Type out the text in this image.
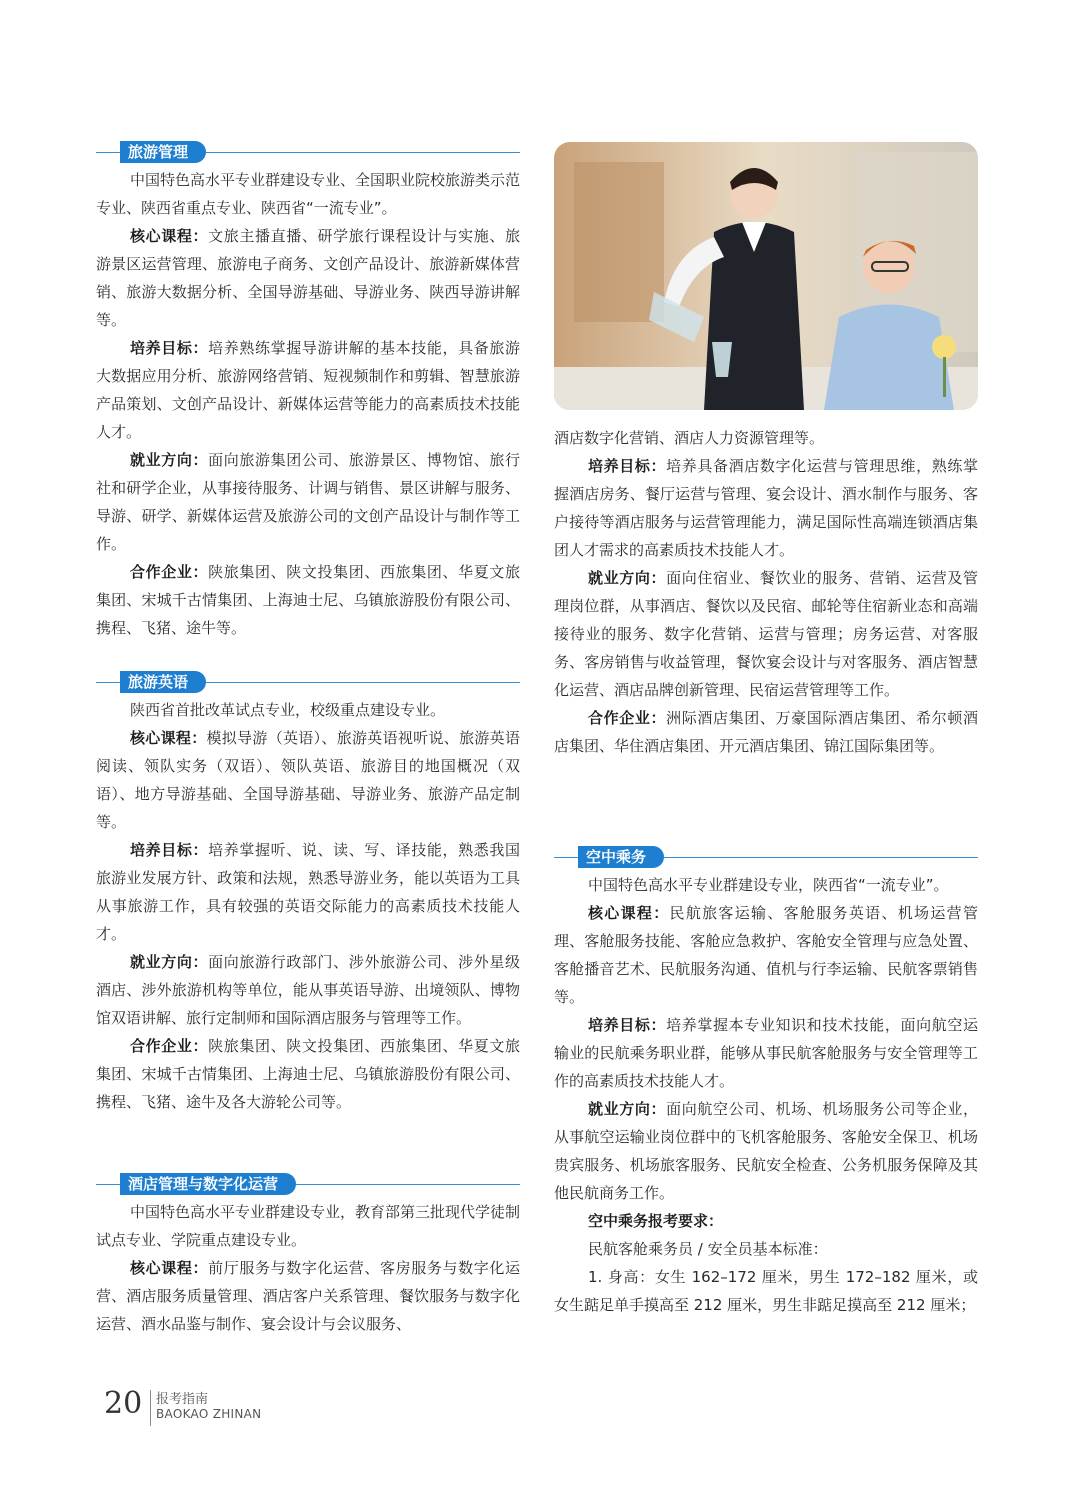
旅游管理

中国特色高水平专业群建设专业、全国职业院校旅游类示范专业、陕西省重点专业、陕西省“一流专业”。

核心课程：文旅主播直播、研学旅行课程设计与实施、旅游景区运营管理、旅游电子商务、文创产品设计、旅游新媒体营销、旅游大数据分析、全国导游基础、导游业务、陕西导游讲解等。

培养目标：培养熟练掌握导游讲解的基本技能，具备旅游大数据应用分析、旅游网络营销、短视频制作和剪辑、智慧旅游产品策划、文创产品设计、新媒体运营等能力的高素质技术技能人才。

就业方向：面向旅游集团公司、旅游景区、博物馆、旅行社和研学企业，从事接待服务、计调与销售、景区讲解与服务、导游、研学、新媒体运营及旅游公司的文创产品设计与制作等工作。

合作企业：陕旅集团、陕文投集团、西旅集团、华夏文旅集团、宋城千古情集团、上海迪士尼、乌镇旅游股份有限公司、携程、飞猪、途牛等。

旅游英语

陕西省首批改革试点专业，校级重点建设专业。

核心课程：模拟导游（英语）、旅游英语视听说、旅游英语阅读、领队实务（双语）、领队英语、旅游目的地国概况（双语）、地方导游基础、全国导游基础、导游业务、旅游产品定制等。

培养目标：培养掌握听、说、读、写、译技能，熟悉我国旅游业发展方针、政策和法规，熟悉导游业务，能以英语为工具从事旅游工作，具有较强的英语交际能力的高素质技术技能人才。

就业方向：面向旅游行政部门、涉外旅游公司、涉外星级酒店、涉外旅游机构等单位，能从事英语导游、出境领队、博物馆双语讲解、旅行定制师和国际酒店服务与管理等工作。

合作企业：陕旅集团、陕文投集团、西旅集团、华夏文旅集团、宋城千古情集团、上海迪士尼、乌镇旅游股份有限公司、携程、飞猪、途牛及各大游轮公司等。

酒店管理与数字化运营

中国特色高水平专业群建设专业，教育部第三批现代学徒制试点专业、学院重点建设专业。

核心课程：前厅服务与数字化运营、客房服务与数字化运营、酒店服务质量管理、酒店客户关系管理、餐饮服务与数字化运营、酒水品鉴与制作、宴会设计与会议服务、

酒店数字化营销、酒店人力资源管理等。

培养目标：培养具备酒店数字化运营与管理思维，熟练掌握酒店房务、餐厅运营与管理、宴会设计、酒水制作与服务、客户接待等酒店服务与运营管理能力，满足国际性高端连锁酒店集团人才需求的高素质技术技能人才。

就业方向：面向住宿业、餐饮业的服务、营销、运营及管理岗位群，从事酒店、餐饮以及民宿、邮轮等住宿新业态和高端接待业的服务、数字化营销、运营与管理；房务运营、对客服务、客房销售与收益管理，餐饮宴会设计与对客服务、酒店智慧化运营、酒店品牌创新管理、民宿运营管理等工作。

合作企业：洲际酒店集团、万豪国际酒店集团、希尔顿酒店集团、华住酒店集团、开元酒店集团、锦江国际集团等。

空中乘务

中国特色高水平专业群建设专业，陕西省“一流专业”。

核心课程：民航旅客运输、客舱服务英语、机场运营管理、客舱服务技能、客舱应急救护、客舱安全管理与应急处置、客舱播音艺术、民航服务沟通、值机与行李运输、民航客票销售等。

培养目标：培养掌握本专业知识和技术技能，面向航空运输业的民航乘务职业群，能够从事民航客舱服务与安全管理等工作的高素质技术技能人才。

就业方向：面向航空公司、机场、机场服务公司等企业，从事航空运输业岗位群中的飞机客舱服务、客舱安全保卫、机场贵宾服务、机场旅客服务、民航安全检查、公务机服务保障及其他民航商务工作。

空中乘务报考要求：

民航客舱乘务员 / 安全员基本标准：

1. 身高：女生 162–172 厘米，男生 172–182 厘米，或女生踮足单手摸高至 212 厘米，男生非踮足摸高至 212 厘米；

20 报考指南
BAOKAO ZHINAN
